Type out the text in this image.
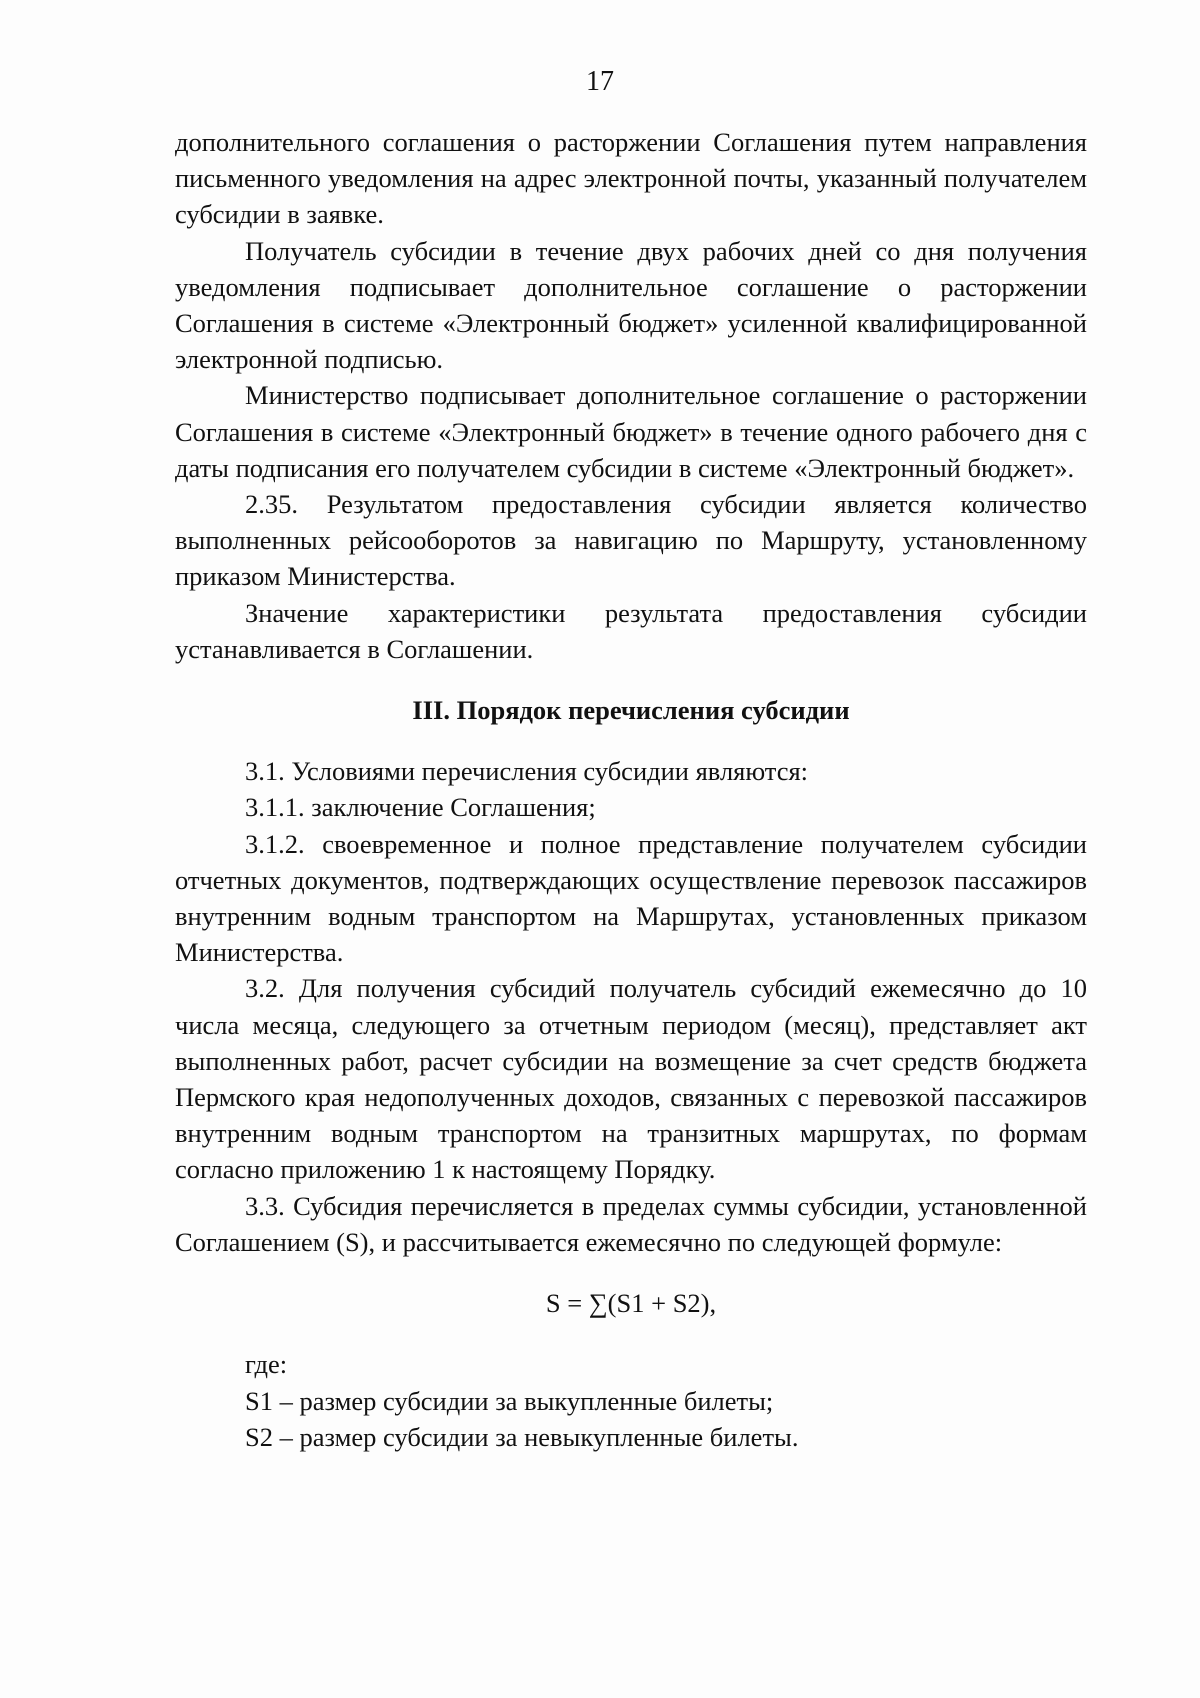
17

дополнительного соглашения о расторжении Соглашения путем направления письменного уведомления на адрес электронной почты, указанный получателем субсидии в заявке.

Получатель субсидии в течение двух рабочих дней со дня получения уведомления подписывает дополнительное соглашение о расторжении Соглашения в системе «Электронный бюджет» усиленной квалифицированной электронной подписью.

Министерство подписывает дополнительное соглашение о расторжении Соглашения в системе «Электронный бюджет» в течение одного рабочего дня с даты подписания его получателем субсидии в системе «Электронный бюджет».

2.35. Результатом предоставления субсидии является количество выполненных рейсооборотов за навигацию по Маршруту, установленному приказом Министерства.

Значение характеристики результата предоставления субсидии устанавливается в Соглашении.

III. Порядок перечисления субсидии

3.1. Условиями перечисления субсидии являются:

3.1.1. заключение Соглашения;

3.1.2. своевременное и полное представление получателем субсидии отчетных документов, подтверждающих осуществление перевозок пассажиров внутренним водным транспортом на Маршрутах, установленных приказом Министерства.

3.2. Для получения субсидий получатель субсидий ежемесячно до 10 числа месяца, следующего за отчетным периодом (месяц), представляет акт выполненных работ, расчет субсидии на возмещение за счет средств бюджета Пермского края недополученных доходов, связанных с перевозкой пассажиров внутренним водным транспортом на транзитных маршрутах, по формам согласно приложению 1 к настоящему Порядку.

3.3. Субсидия перечисляется в пределах суммы субсидии, установленной Соглашением (S), и рассчитывается ежемесячно по следующей формуле:

S = ∑(S1 + S2),

где:

S1 – размер субсидии за выкупленные билеты;

S2 – размер субсидии за невыкупленные билеты.
